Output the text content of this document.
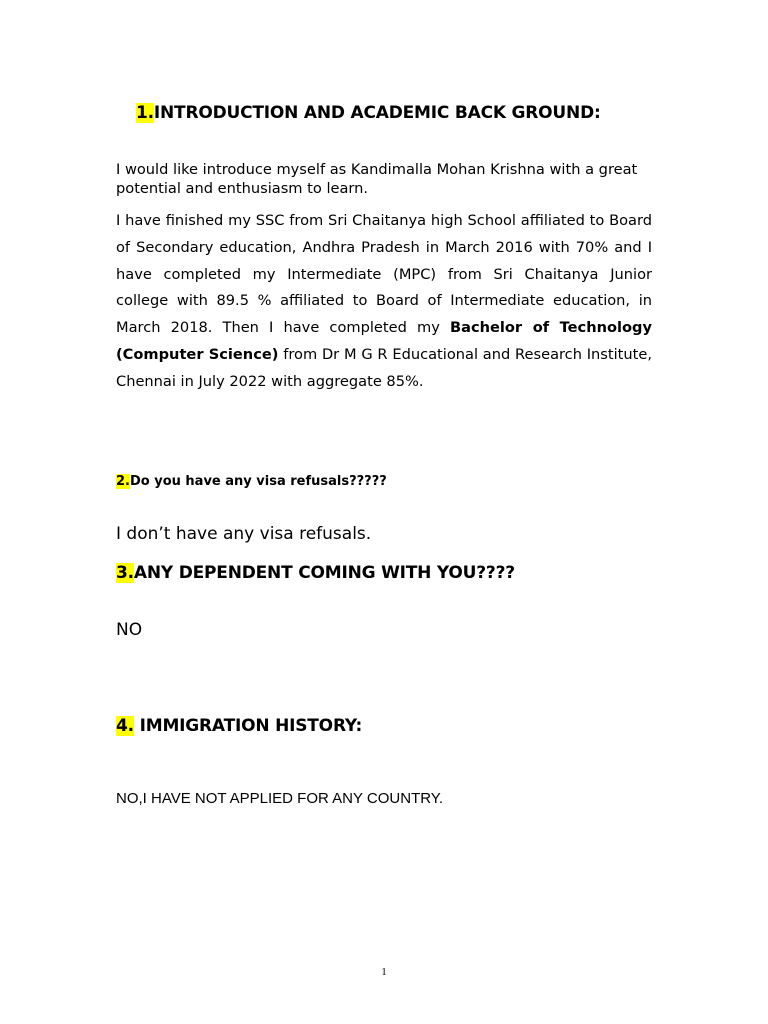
1.INTRODUCTION AND ACADEMIC BACK GROUND:

I would like introduce myself as Kandimalla Mohan Krishna with a great potential and enthusiasm to learn.

I have finished my SSC from Sri Chaitanya high School affiliated to Board of Secondary education, Andhra Pradesh in March 2016 with 70% and I have completed my Intermediate (MPC) from Sri Chaitanya Junior college with 89.5 % affiliated to Board of Intermediate education, in March 2018. Then I have completed my Bachelor of Technology (Computer Science) from Dr M G R Educational and Research Institute, Chennai in July 2022 with aggregate 85%.

2.Do you have any visa refusals?????
I don’t have any visa refusals.
3.ANY DEPENDENT COMING WITH YOU????
NO
4. IMMIGRATION HISTORY:
NO,I HAVE NOT APPLIED FOR ANY COUNTRY.
1
